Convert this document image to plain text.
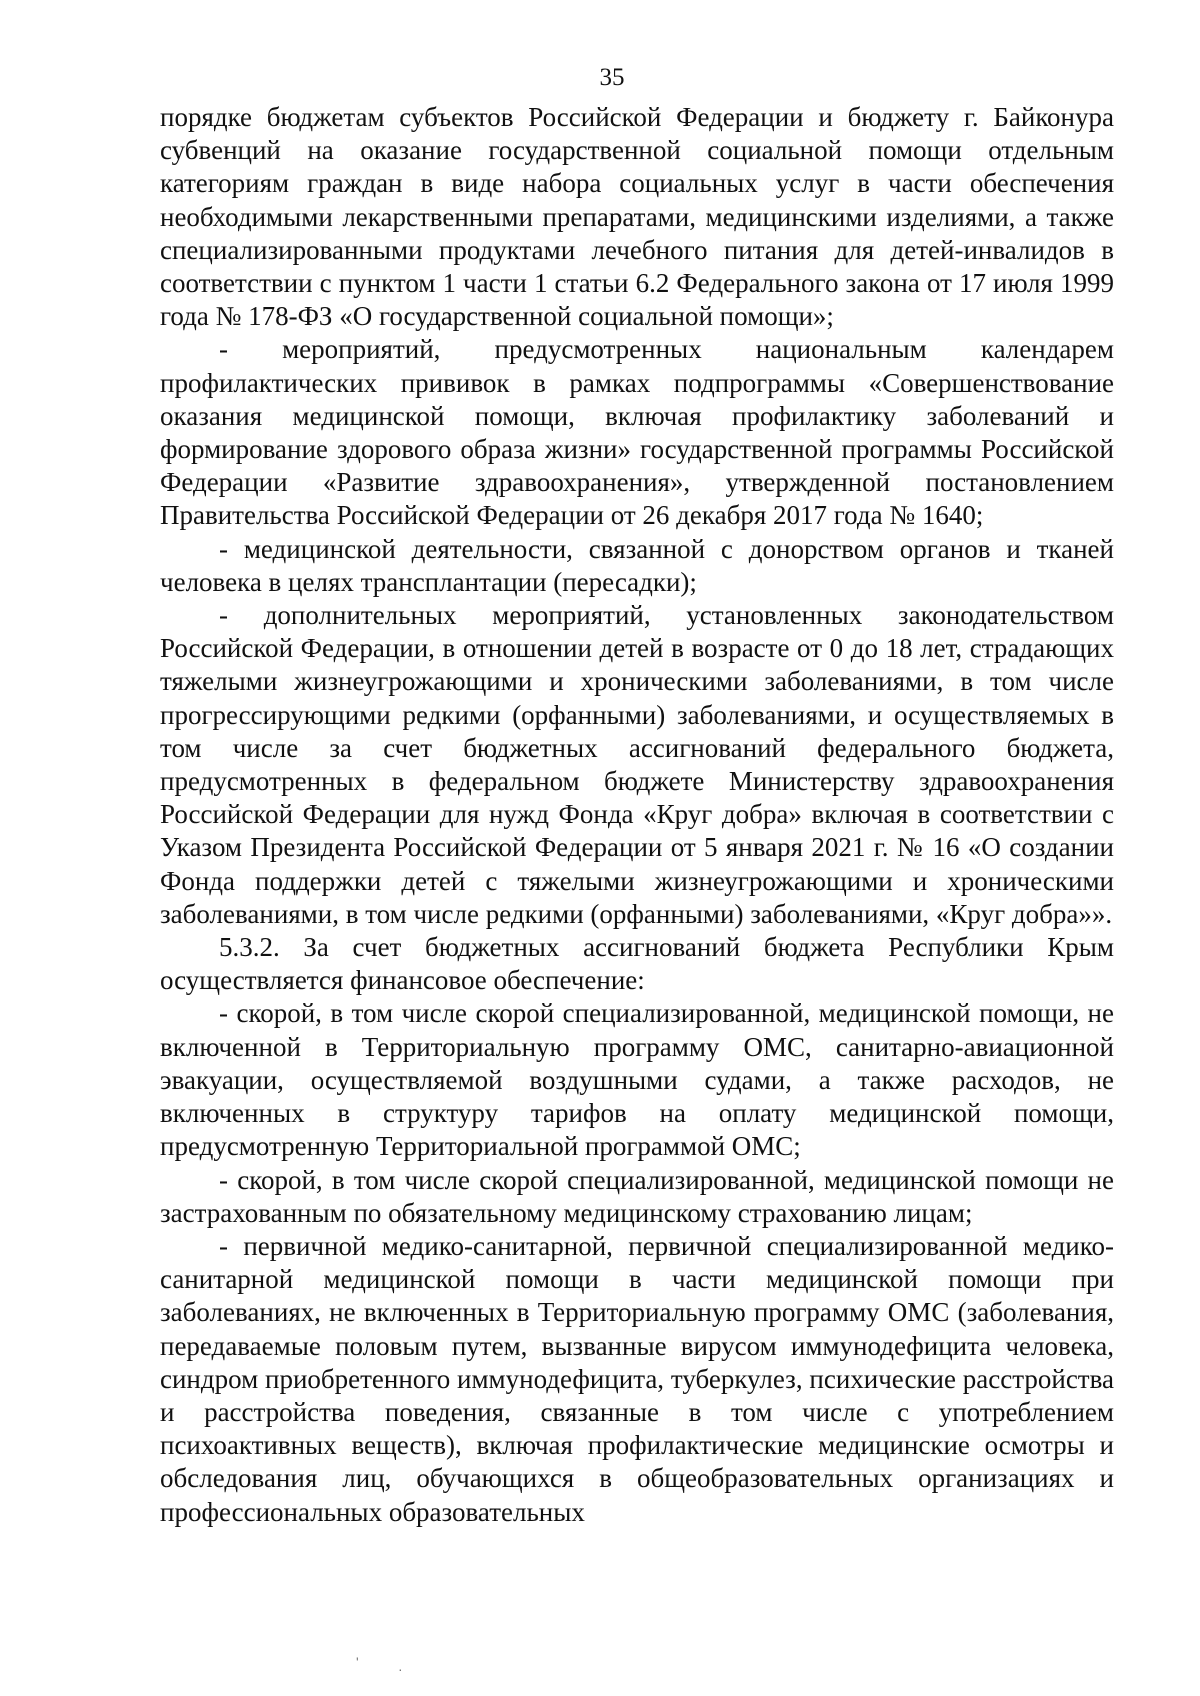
35

порядке бюджетам субъектов Российской Федерации и бюджету г. Байконура субвенций на оказание государственной социальной помощи отдельным категориям граждан в виде набора социальных услуг в части обеспечения необходимыми лекарственными препаратами, медицинскими изделиями, а также специализированными продуктами лечебного питания для детей-инвалидов в соответствии с пунктом 1 части 1 статьи 6.2 Федерального закона от 17 июля 1999 года № 178-ФЗ «О государственной социальной помощи»;

- мероприятий, предусмотренных национальным календарем профилактических прививок в рамках подпрограммы «Совершенствование оказания медицинской помощи, включая профилактику заболеваний и формирование здорового образа жизни» государственной программы Российской Федерации «Развитие здравоохранения», утвержденной постановлением Правительства Российской Федерации от 26 декабря 2017 года № 1640;

- медицинской деятельности, связанной с донорством органов и тканей человека в целях трансплантации (пересадки);

- дополнительных мероприятий, установленных законодательством Российской Федерации, в отношении детей в возрасте от 0 до 18 лет, страдающих тяжелыми жизнеугрожающими и хроническими заболеваниями, в том числе прогрессирующими редкими (орфанными) заболеваниями, и осуществляемых в том числе за счет бюджетных ассигнований федерального бюджета, предусмотренных в федеральном бюджете Министерству здравоохранения Российской Федерации для нужд Фонда «Круг добра» включая в соответствии с Указом Президента Российской Федерации от 5 января 2021 г. № 16 «О создании Фонда поддержки детей с тяжелыми жизнеугрожающими и хроническими заболеваниями, в том числе редкими (орфанными) заболеваниями, «Круг добра»».

5.3.2. За счет бюджетных ассигнований бюджета Республики Крым осуществляется финансовое обеспечение:

- скорой, в том числе скорой специализированной, медицинской помощи, не включенной в Территориальную программу ОМС, санитарно-авиационной эвакуации, осуществляемой воздушными судами, а также расходов, не включенных в структуру тарифов на оплату медицинской помощи, предусмотренную Территориальной программой ОМС;

- скорой, в том числе скорой специализированной, медицинской помощи не застрахованным по обязательному медицинскому страхованию лицам;

- первичной медико-санитарной, первичной специализированной медико-санитарной медицинской помощи в части медицинской помощи при заболеваниях, не включенных в Территориальную программу ОМС (заболевания, передаваемые половым путем, вызванные вирусом иммунодефицита человека, синдром приобретенного иммунодефицита, туберкулез, психические расстройства и расстройства поведения, связанные в том числе с употреблением психоактивных веществ), включая профилактические медицинские осмотры и обследования лиц, обучающихся в общеобразовательных организациях и профессиональных образовательных

'	·
